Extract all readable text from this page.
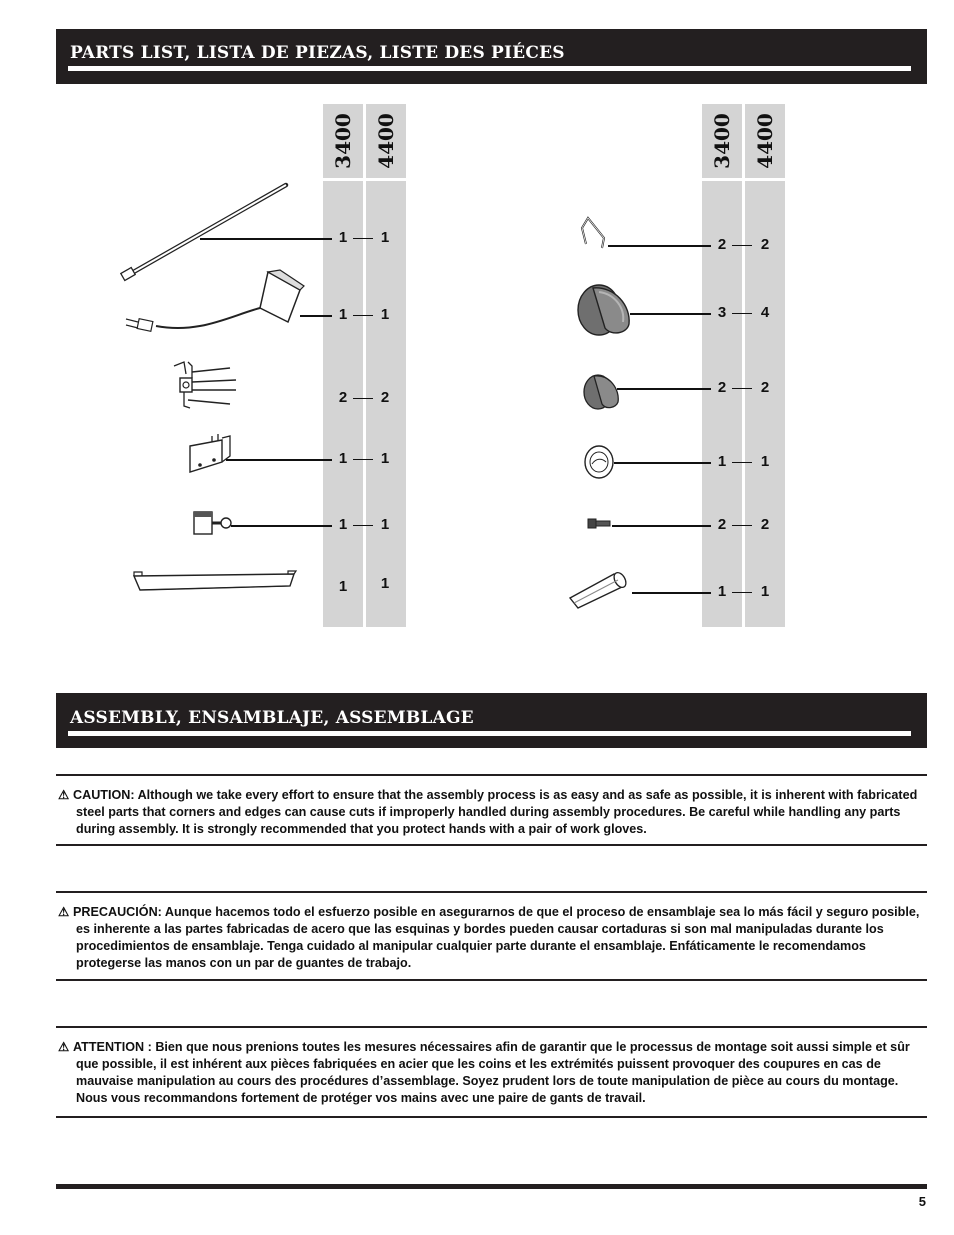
PARTS LIST, LISTA DE PIEZAS, LISTE DES PIÉCES
3400 4400	3400 4400
1 1
1 1
2 2
1 1
1 1
1 1
2 2
3 4
2 2
1 1
2 2
1 1
ASSEMBLY, ENSAMBLAJE, ASSEMBLAGE

⚠ CAUTION: Although we take every effort to ensure that the assembly process is as easy and as safe as possible, it is inherent with fabricated steel parts that corners and edges can cause cuts if improperly handled during assembly procedures. Be careful while handling any parts during assembly. It is strongly recommended that you protect hands with a pair of work gloves.

⚠ PRECAUCIÓN: Aunque hacemos todo el esfuerzo posible en asegurarnos de que el proceso de ensamblaje sea lo más fácil y seguro posible, es inherente a las partes fabricadas de acero que las esquinas y bordes pueden causar cortaduras si son mal manipuladas durante los procedimientos de ensamblaje. Tenga cuidado al manipular cualquier parte durante el ensamblaje. Enfáticamente le recomendamos protegerse las manos con un par de guantes de trabajo.

⚠ ATTENTION : Bien que nous prenions toutes les mesures nécessaires afin de garantir que le processus de montage soit aussi simple et sûr que possible, il est inhérent aux pièces fabriquées en acier que les coins et les extrémités puissent provoquer des coupures en cas de mauvaise manipulation au cours des procédures d’assemblage. Soyez prudent lors de toute manipulation de pièce au cours du montage. Nous vous recommandons fortement de protéger vos mains avec une paire de gants de travail.

5
